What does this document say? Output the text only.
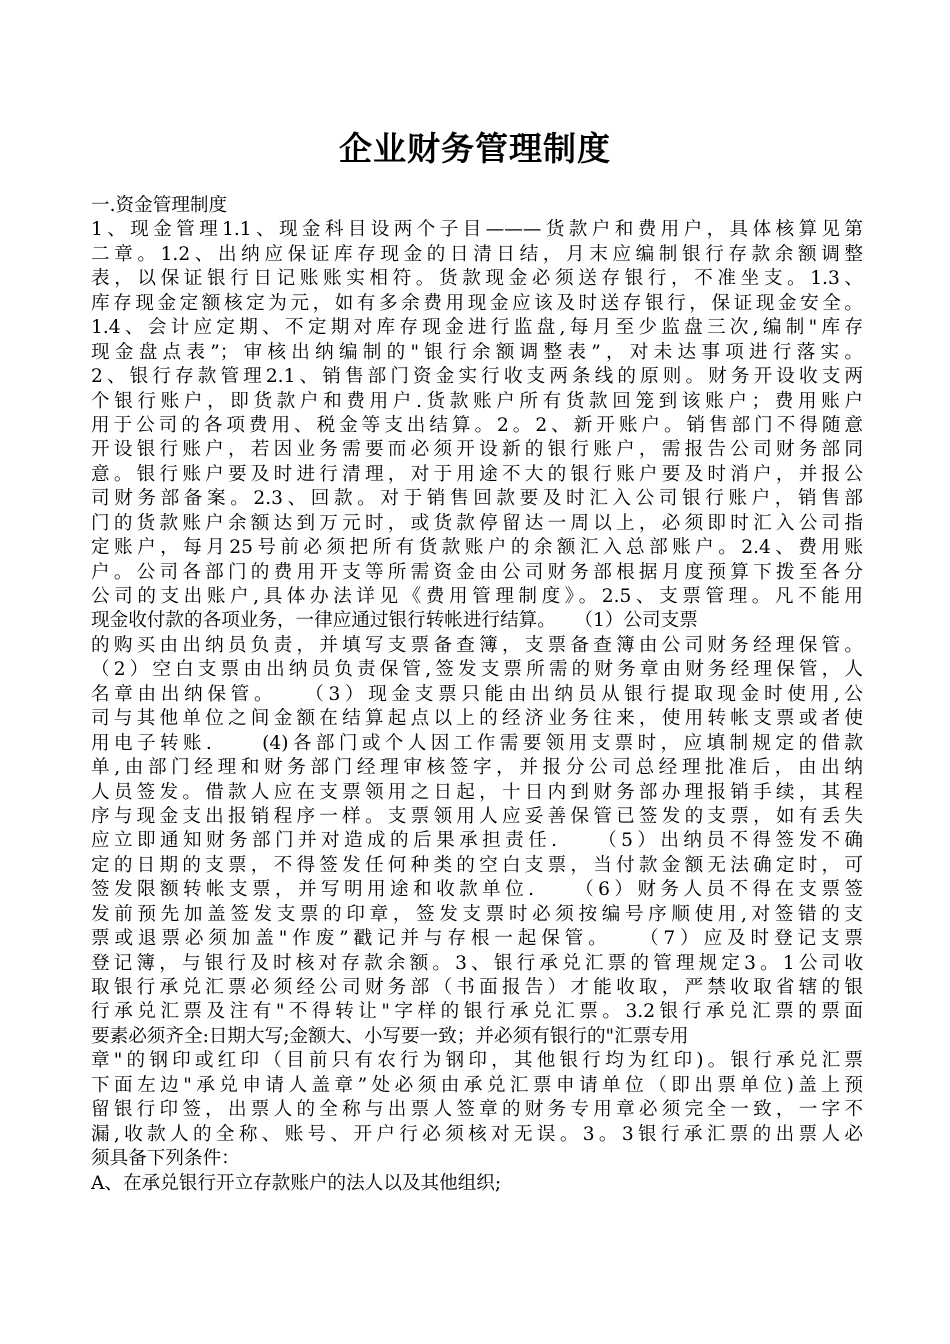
企业财务管理制度
一.资金管理制度
1、现金管理1.1、现金科目设两个子目———货款户和费用户，具体核算见第
二章。1.2、出纳应保证库存现金的日清日结，月末应编制银行存款余额调整
表，以保证银行日记账账实相符。货款现金必须送存银行，不准坐支。1.3、
库存现金定额核定为元，如有多余费用现金应该及时送存银行，保证现金安全。
1.4、会计应定期、不定期对库存现金进行监盘,每月至少监盘三次,编制"库存
现金盘点表”；审核出纳编制的"银行余额调整表”，对未达事项进行落实。
2、银行存款管理2.1、销售部门资金实行收支两条线的原则。财务开设收支两
个银行账户，即货款户和费用户.货款账户所有货款回笼到该账户；费用账户
用于公司的各项费用、税金等支出结算。2。2、新开账户。销售部门不得随意
开设银行账户，若因业务需要而必须开设新的银行账户，需报告公司财务部同
意。银行账户要及时进行清理，对于用途不大的银行账户要及时消户，并报公
司财务部备案。2.3、回款。对于销售回款要及时汇入公司银行账户，销售部
门的货款账户余额达到万元时，或货款停留达一周以上，必须即时汇入公司指
定账户，每月25号前必须把所有货款账户的余额汇入总部账户。2.4、费用账
户。公司各部门的费用开支等所需资金由公司财务部根据月度预算下拨至各分
公司的支出账户,具体办法详见《费用管理制度》。2.5、支票管理。凡不能用
现金收付款的各项业务，一律应通过银行转帐进行结算。　　（1）公司支票
的购买由出纳员负责，并填写支票备查簿，支票备查簿由公司财务经理保管。
（2）空白支票由出纳员负责保管,签发支票所需的财务章由财务经理保管，人
名章由出纳保管。　　（3）现金支票只能由出纳员从银行提取现金时使用,公
司与其他单位之间金额在结算起点以上的经济业务往来，使用转帐支票或者使
用电子转账.　　(4)各部门或个人因工作需要领用支票时，应填制规定的借款
单,由部门经理和财务部门经理审核签字，并报分公司总经理批准后，由出纳
人员签发。借款人应在支票领用之日起，十日内到财务部办理报销手续，其程
序与现金支出报销程序一样。支票领用人应妥善保管已签发的支票，如有丢失
应立即通知财务部门并对造成的后果承担责任.　　（5）出纳员不得签发不确
定的日期的支票，不得签发任何种类的空白支票，当付款金额无法确定时，可
签发限额转帐支票，并写明用途和收款单位.　　（6）财务人员不得在支票签
发前预先加盖签发支票的印章，签发支票时必须按编号序顺使用,对签错的支
票或退票必须加盖"作废”戳记并与存根一起保管。　　（7）应及时登记支票
登记簿，与银行及时核对存款余额。3、银行承兑汇票的管理规定3。1公司收
取银行承兑汇票必须经公司财务部（书面报告）才能收取，严禁收取省辖的银
行承兑汇票及注有"不得转让"字样的银行承兑汇票。3.2银行承兑汇票的票面
要素必须齐全:日期大写;金额大、小写要一致；并必须有银行的"汇票专用
章"的钢印或红印（目前只有农行为钢印，其他银行均为红印)。银行承兑汇票
下面左边"承兑申请人盖章”处必须由承兑汇票申请单位（即出票单位)盖上预
留银行印签，出票人的全称与出票人签章的财务专用章必须完全一致，一字不
漏,收款人的全称、账号、开户行必须核对无误。3。3银行承汇票的出票人必
须具备下列条件：
A、在承兑银行开立存款账户的法人以及其他组织;
